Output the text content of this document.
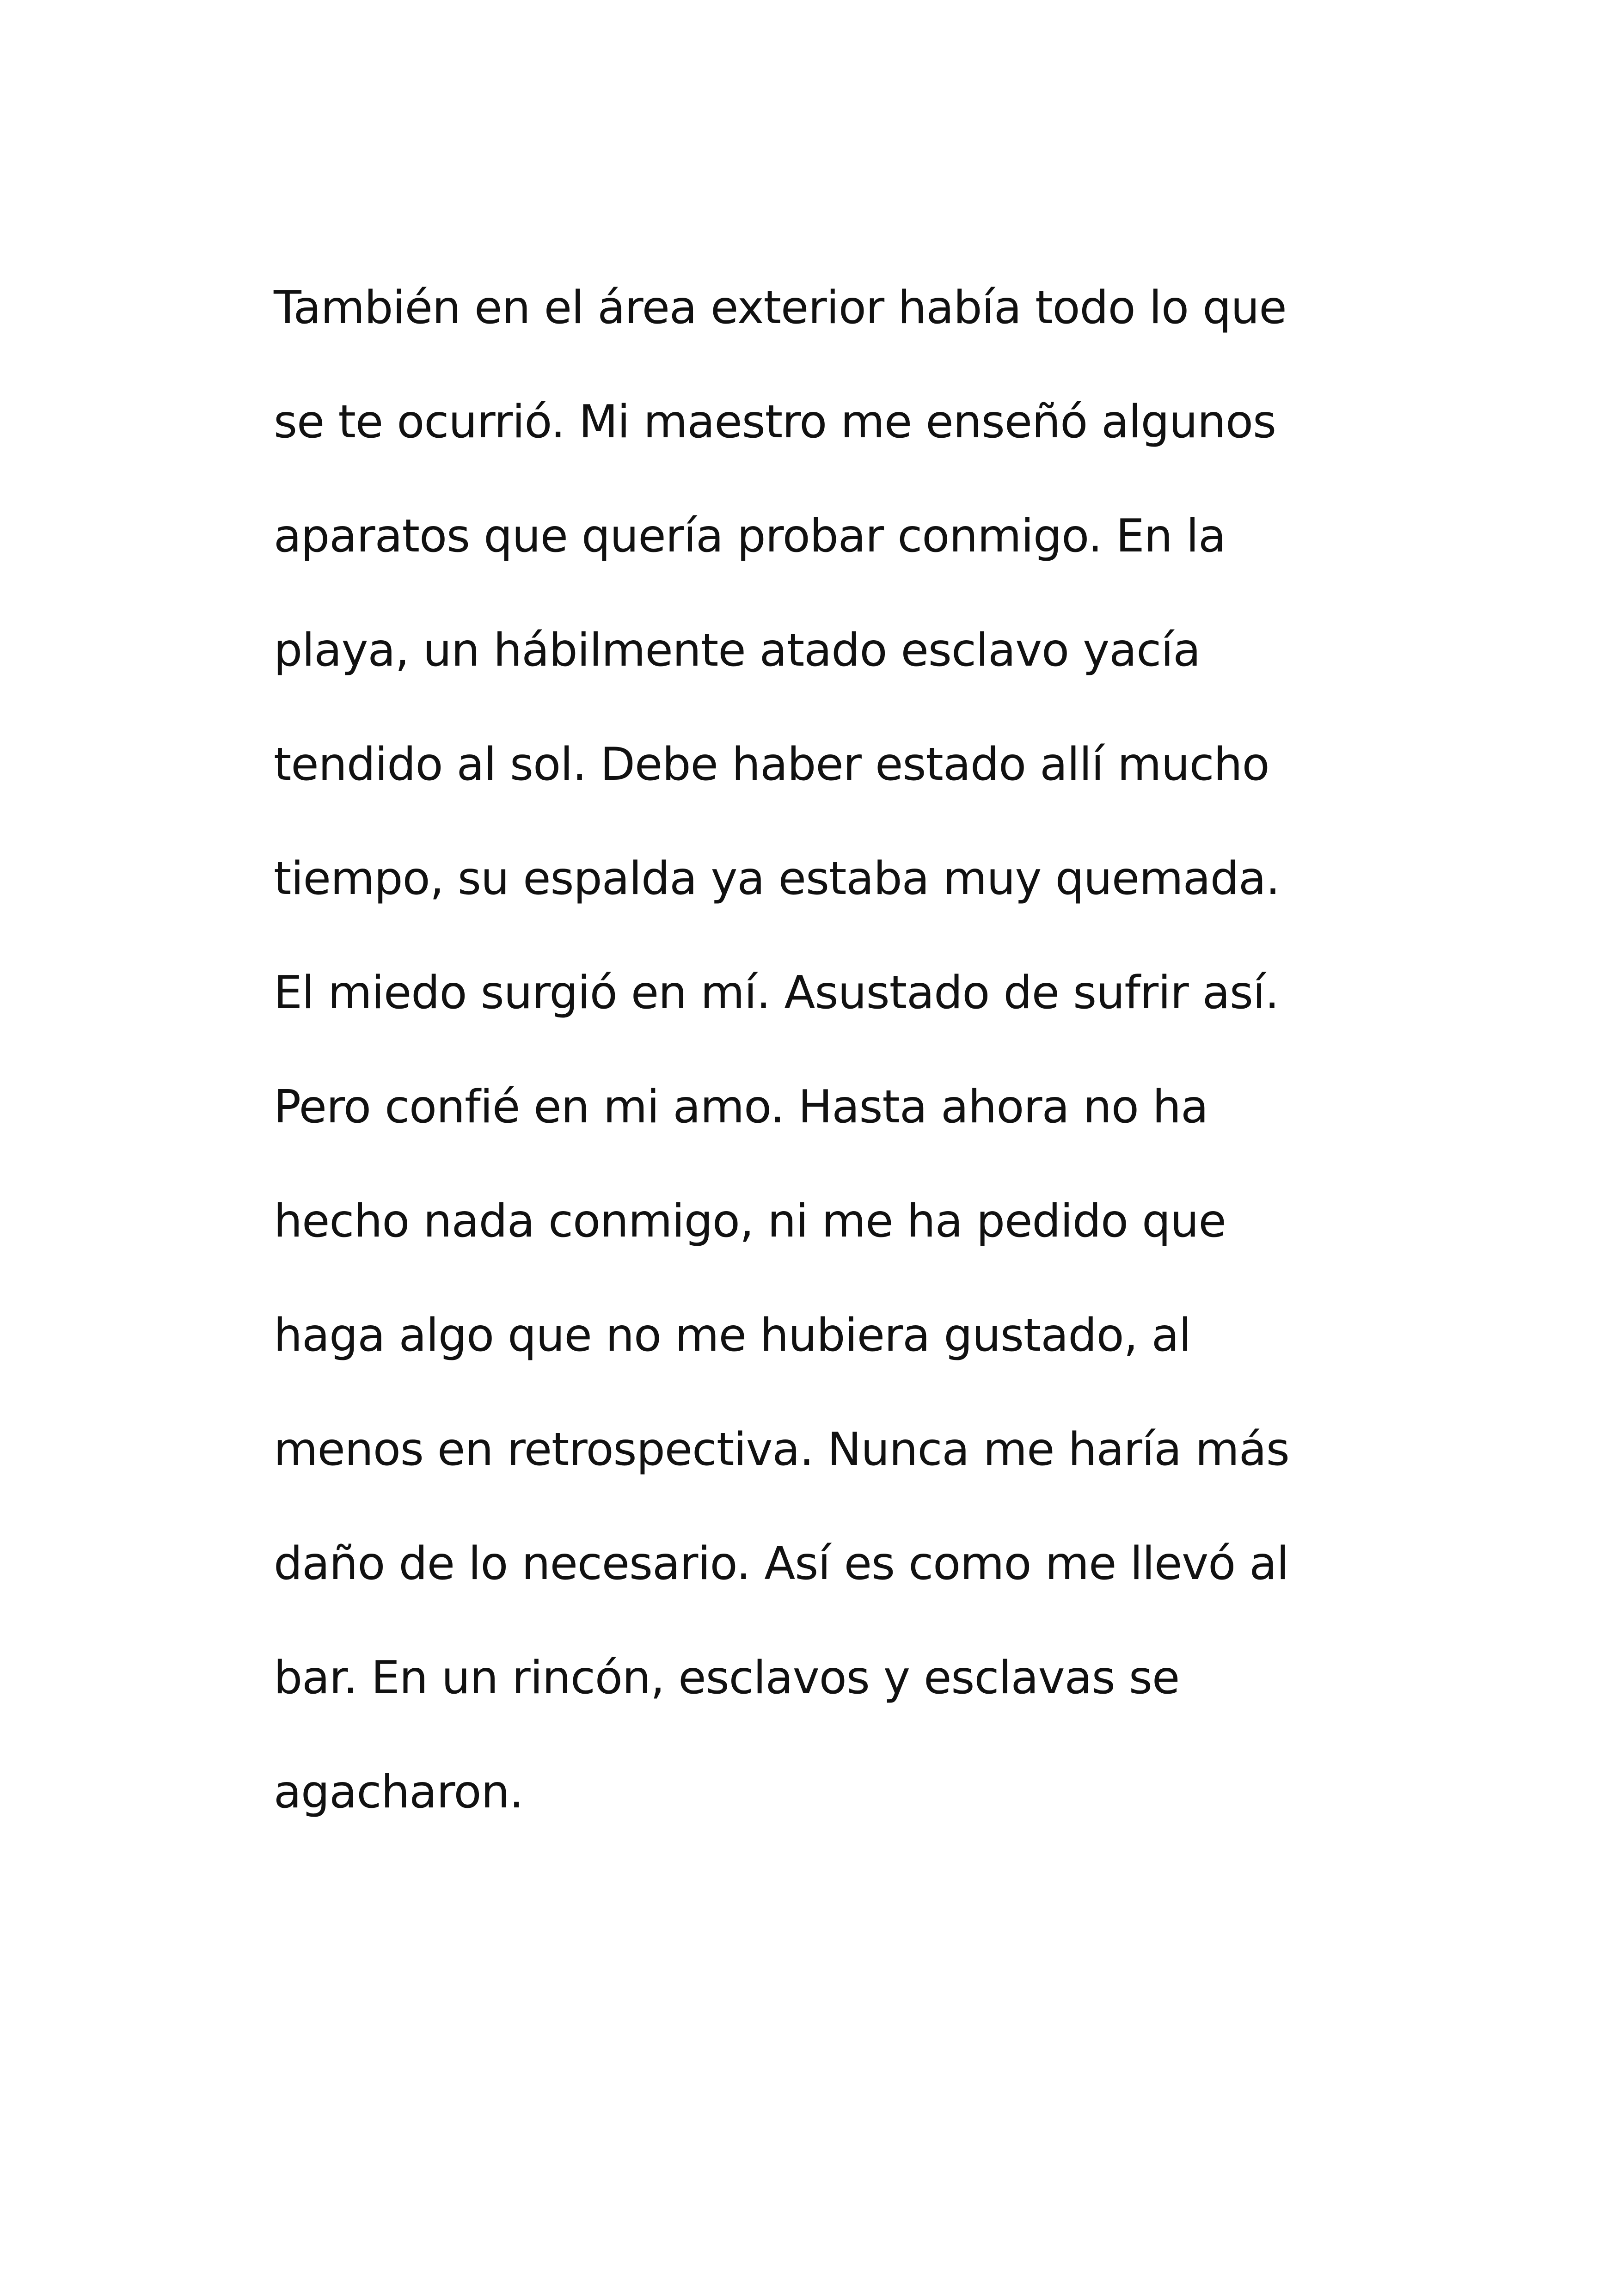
También en el área exterior había todo lo que
se te ocurrió. Mi maestro me enseñó algunos
aparatos que quería probar conmigo. En la
playa, un hábilmente atado esclavo yacía
tendido al sol. Debe haber estado allí mucho
tiempo, su espalda ya estaba muy quemada.
El miedo surgió en mí. Asustado de sufrir así.
Pero confié en mi amo. Hasta ahora no ha
hecho nada conmigo, ni me ha pedido que
haga algo que no me hubiera gustado, al
menos en retrospectiva. Nunca me haría más
daño de lo necesario. Así es como me llevó al
bar. En un rincón, esclavos y esclavas se
agacharon.
